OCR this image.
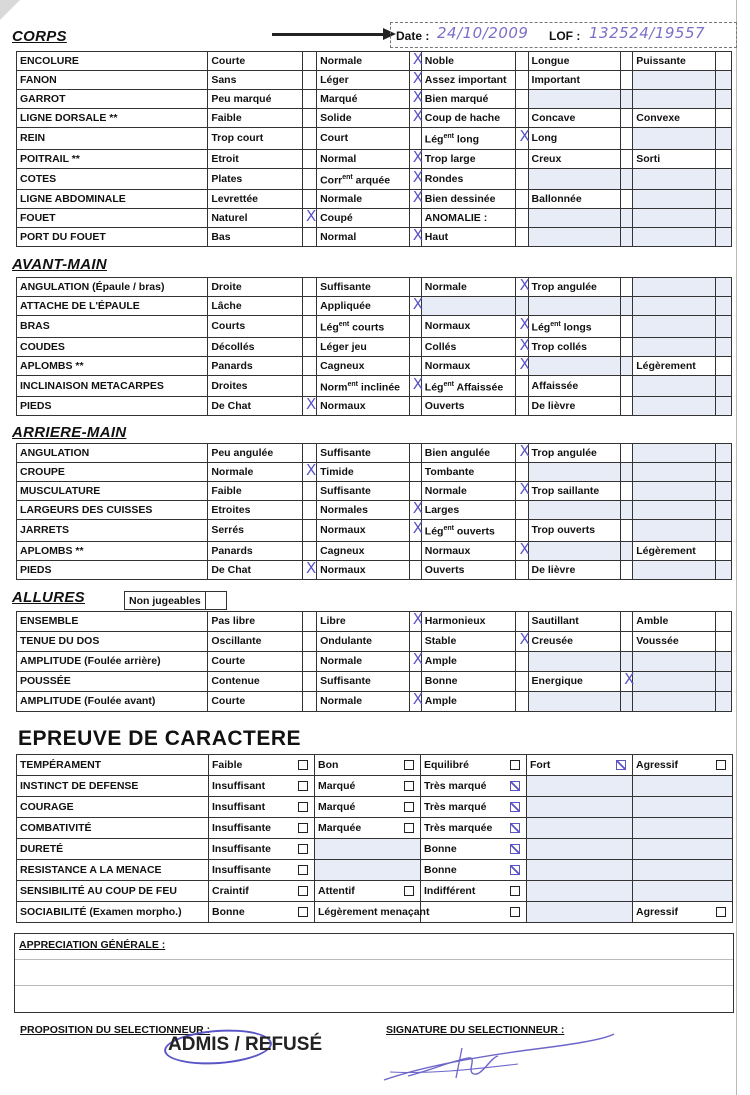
CORPS	Date : 24/10/2009 LOF : 132524/19557
ENCOLURE	Courte		Normale	X	Noble		Longue		Puissante	
FANON	Sans		Léger	X	Assez important		Important			
GARROT	Peu marqué		Marqué	X	Bien marqué					
LIGNE DORSALE **	Faible		Solide	X	Coup de hache		Concave		Convexe	
REIN	Trop court		Court		Lég$^{ent}$ long	X	Long			
POITRAIL **	Etroit		Normal	X	Trop large		Creux		Sorti	
COTES	Plates		Corr$^{ent}$ arquée	X	Rondes					
LIGNE ABDOMINALE	Levrettée		Normale	X	Bien dessinée		Ballonnée			
FOUET	Naturel	X	Coupé		ANOMALIE :					
PORT DU FOUET	Bas		Normal	X	Haut					
AVANT-MAIN
ANGULATION (Épaule / bras)	Droite		Suffisante		Normale	X	Trop angulée			
ATTACHE DE L'ÉPAULE	Lâche		Appliquée	X						
BRAS	Courts		Lég$^{ent}$ courts		Normaux	X	Lég$^{ent}$ longs			
COUDES	Décollés		Léger jeu		Collés	X	Trop collés			
APLOMBS **	Panards		Cagneux		Normaux	X			Légèrement	
INCLINAISON METACARPES	Droites		Norm$^{ent}$ inclinée	X	Lég$^{ent}$ Affaissée		Affaissée			
PIEDS	De Chat	X	Normaux		Ouverts		De lièvre			
ARRIERE-MAIN
ANGULATION	Peu angulée		Suffisante		Bien angulée	X	Trop angulée			
CROUPE	Normale	X	Timide		Tombante					
MUSCULATURE	Faible		Suffisante		Normale	X	Trop saillante			
LARGEURS DES CUISSES	Etroites		Normales	X	Larges					
JARRETS	Serrés		Normaux	X	Lég$^{ent}$ ouverts		Trop ouverts			
APLOMBS **	Panards		Cagneux		Normaux	X			Légèrement	
PIEDS	De Chat	X	Normaux		Ouverts		De lièvre			
ALLURES	Non jugeables	
ENSEMBLE	Pas libre		Libre	X	Harmonieux		Sautillant		Amble	
TENUE DU DOS	Oscillante		Ondulante		Stable	X	Creusée		Voussée	
AMPLITUDE (Foulée arrière)	Courte		Normale	X	Ample					
POUSSÉE	Contenue		Suffisante		Bonne		Energique	X		
AMPLITUDE (Foulée avant)	Courte		Normale	X	Ample					
EPREUVE DE CARACTERE
TEMPÉRAMENT	Faible	Bon	Equilibré	Fort	Agressif

INSTINCT DE DEFENSE	Insuffisant	Marqué	Très marqué

COURAGE	Insuffisant	Marqué	Très marqué

COMBATIVITÉ	Insuffisante	Marquée	Très marquée

DURETÉ	Insuffisante		Bonne

RESISTANCE A LA MENACE	Insuffisante		Bonne

SENSIBILITÉ AU COUP DE FEU	Craintif	Attentif	Indifférent

SOCIABILITÉ (Examen morpho.)	Bonne	Légèrement menaçant			Agressif
APPRECIATION GÉNÉRALE :
PROPOSITION DU SELECTIONNEUR :
ADMIS / REFUSÉ
SIGNATURE DU SELECTIONNEUR :
